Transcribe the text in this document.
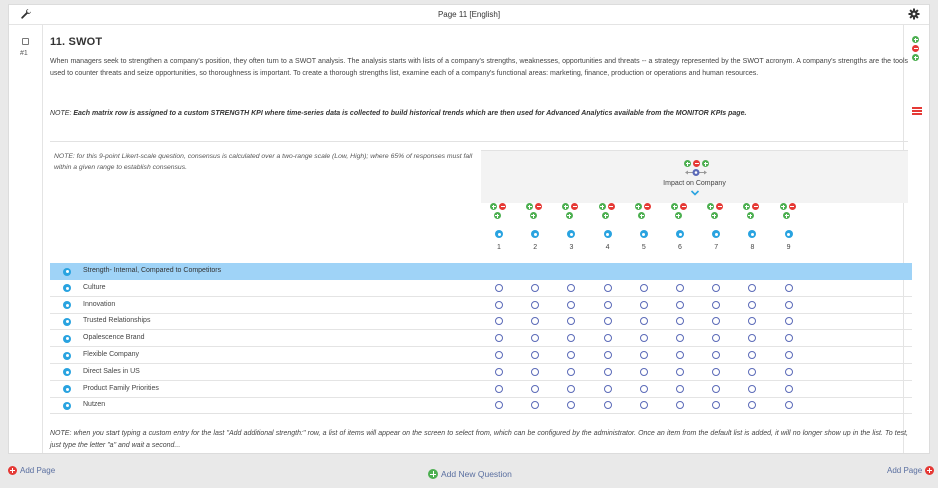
Page 11 [English]
#1
11. SWOT
When managers seek to strengthen a company's position, they often turn to a SWOT analysis. The analysis starts with lists of a company's strengths, weaknesses, opportunities and threats -- a strategy represented by the SWOT acronym. A company's strengths are the tools used to counter threats and seize opportunities, so thoroughness is important. To create a thorough strengths list, examine each of a company's functional areas: marketing, finance, production or operations and human resources.
NOTE: Each matrix row is assigned to a custom STRENGTH KPI where time-series data is collected to build historical trends which are then used for Advanced Analytics available from the MONITOR KPIs page.
NOTE: for this 9-point Likert-scale question, consensus is calculated over a two-range scale (Low, High); where 65% of responses must fall within a given range to establish consensus.
Impact on Company
1	2	3	4	5	6	7	8	9
Strength- Internal, Compared to Competitors
Culture
Innovation
Trusted Relationships
Opalescence Brand
Flexible Company
Direct Sales in US
Product Family Priorities
Nutzen
NOTE: when you start typing a custom entry for the last "Add additional strength:" row, a list of items will appear on the screen to select from, which can be configured by the administrator. Once an item from the default list is added, it will no longer show up in the list. To test, just type the letter "a" and wait a second...
Add Page	Add New Question	Add Page
